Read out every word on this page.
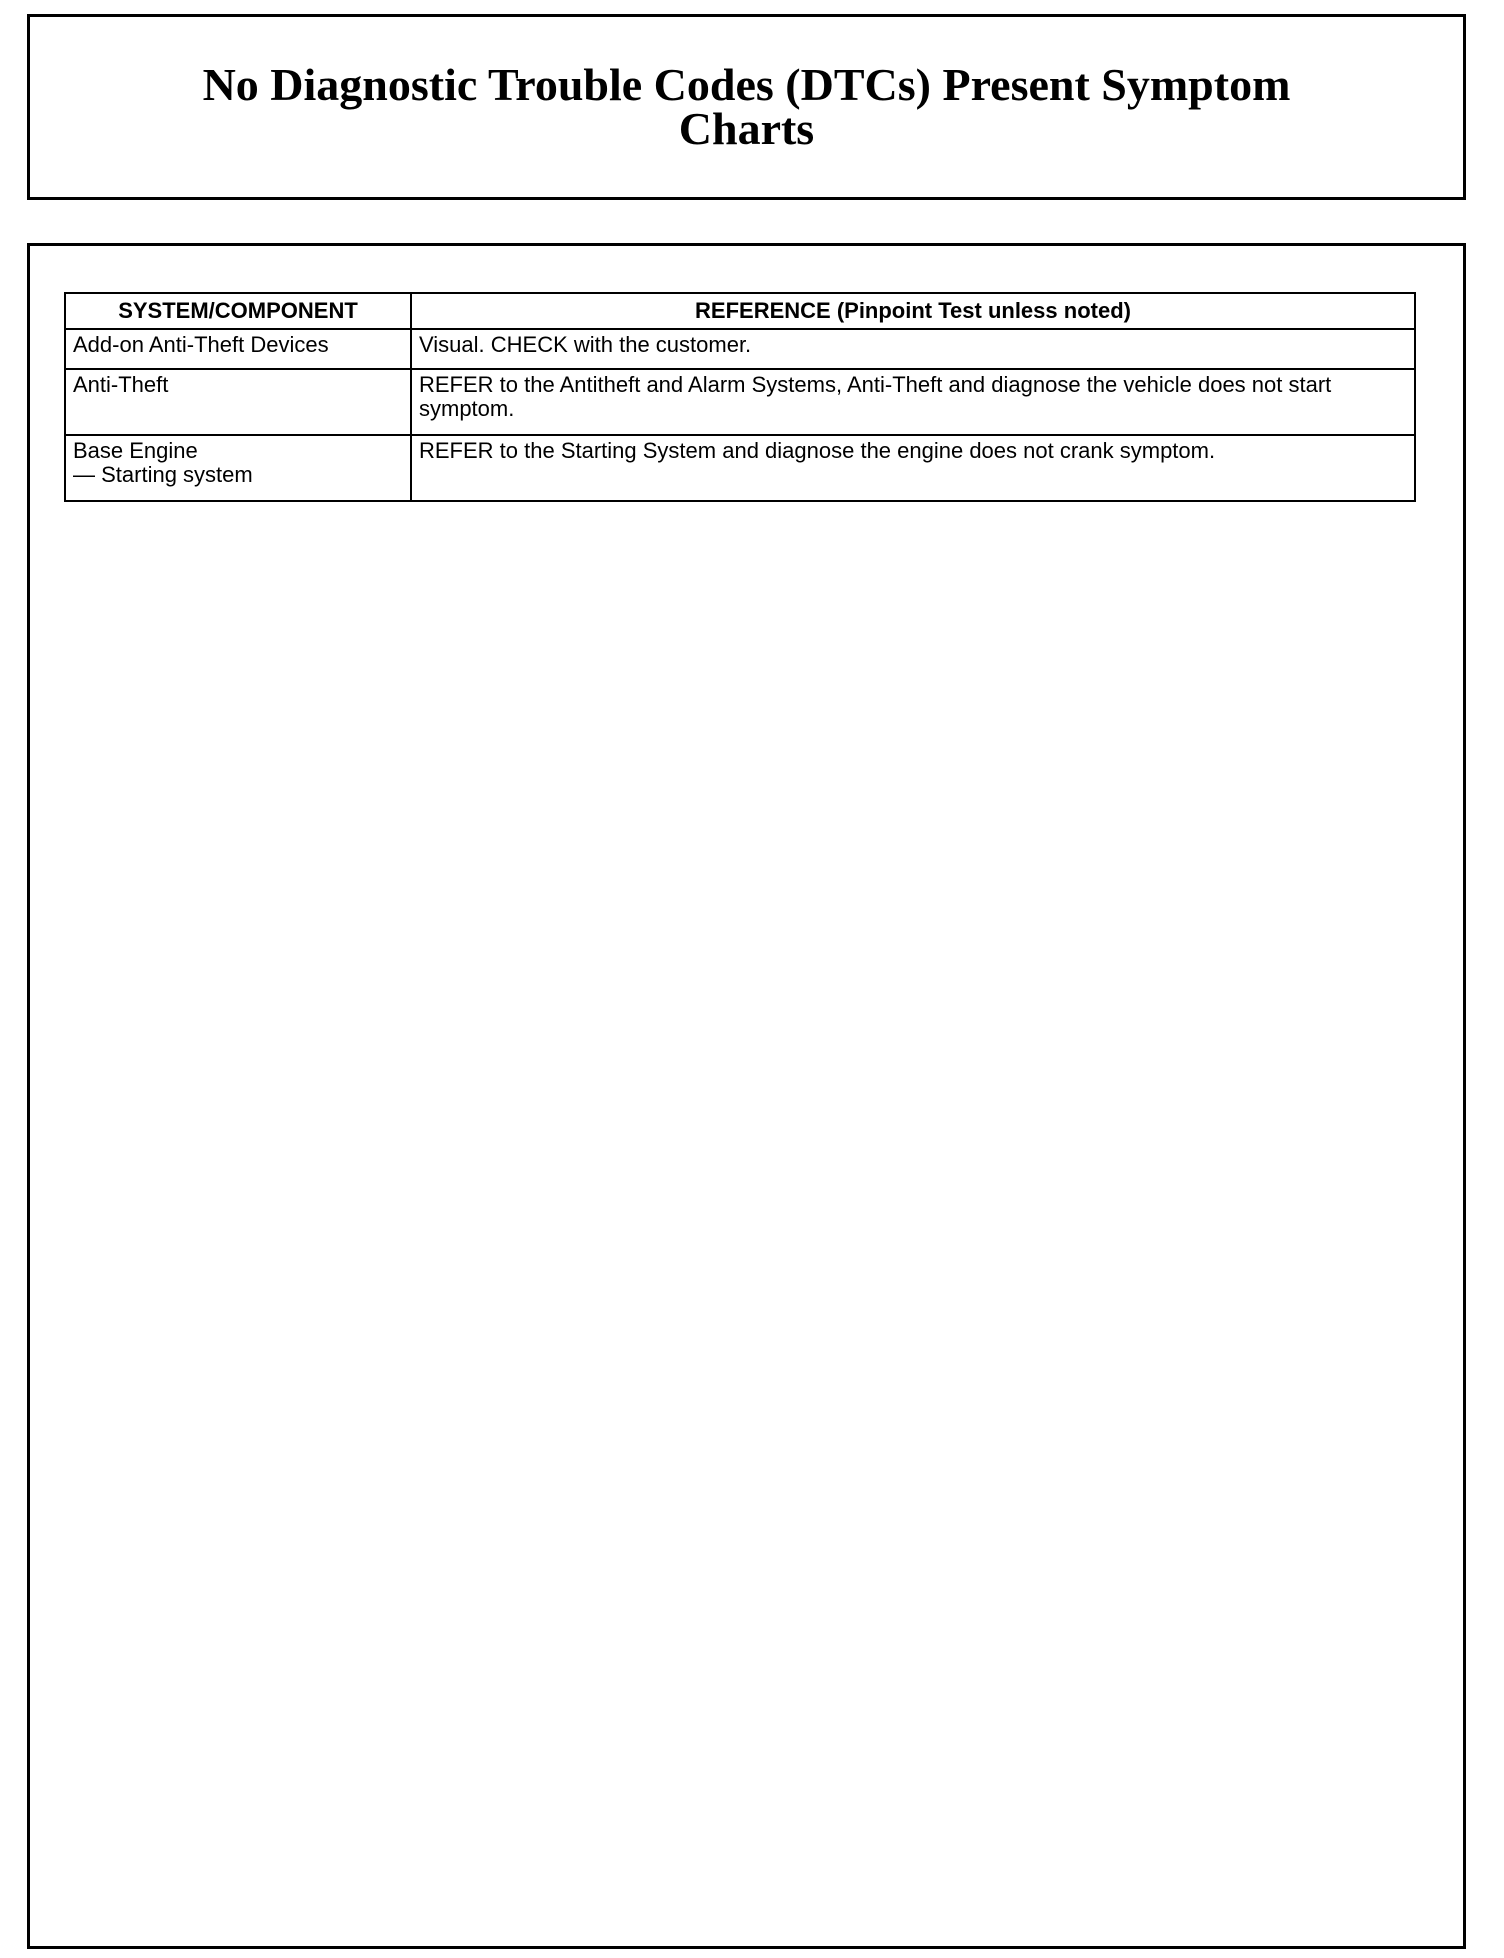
No Diagnostic Trouble Codes (DTCs) Present Symptom
Charts
SYSTEM/COMPONENT	REFERENCE (Pinpoint Test unless noted)
Add-on Anti-Theft Devices	Visual. CHECK with the customer.
Anti-Theft	REFER to the Antitheft and Alarm Systems, Anti-Theft and diagnose the vehicle does not start symptom.

Base Engine
— Starting system	REFER to the Starting System and diagnose the engine does not crank symptom.
